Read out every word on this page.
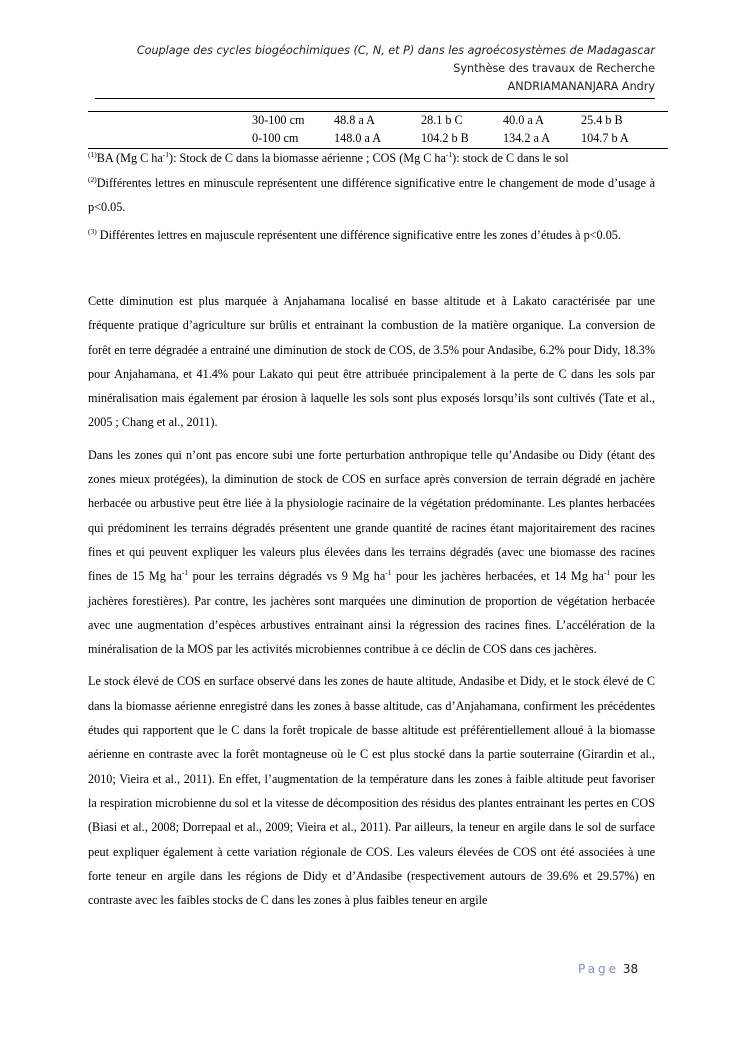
Couplage des cycles biogéochimiques (C, N, et P) dans les agroécosystèmes de Madagascar
Synthèse des travaux de Recherche
ANDRIAMANANJARA Andry
30-100 cm 48.8 a A	28.1 b C	40.0 a A	25.4 b B
0-100 cm	148.0 a A	104.2 b B	134.2 a A	104.7 b A

$^{(1)}$BA (Mg C $ha^{-1}$): Stock de C dans la biomasse aérienne ; COS (Mg C $ha^{-1}$): stock de C dans le sol

$^{(2)}$Différentes lettres en minuscule représentent une différence significative entre le changement de mode d’usage à p<0.05.

$^{(3)}$ Différentes lettres en majuscule représentent une différence significative entre les zones d’études à p<0.05.

Cette diminution est plus marquée à Anjahamana localisé en basse altitude et à Lakato caractérisée par une fréquente pratique d’agriculture sur brûlis et entrainant la combustion de la matière organique. La conversion de forêt en terre dégradée a entrainé une diminution de stock de COS, de 3.5% pour Andasibe, 6.2% pour Didy, 18.3% pour Anjahamana, et 41.4% pour Lakato qui peut être attribuée principalement à la perte de C dans les sols par minéralisation mais également par érosion à laquelle les sols sont plus exposés lorsqu’ils sont cultivés (Tate et al., 2005 ; Chang et al., 2011).

Dans les zones qui n’ont pas encore subi une forte perturbation anthropique telle qu’Andasibe ou Didy (étant des zones mieux protégées), la diminution de stock de COS en surface après conversion de terrain dégradé en jachère herbacée ou arbustive peut être liée à la physiologie racinaire de la végétation prédominante. Les plantes herbacées qui prédominent les terrains dégradés présentent une grande quantité de racines étant majoritairement des racines fines et qui peuvent expliquer les valeurs plus élevées dans les terrains dégradés (avec une biomasse des racines fines de 15 Mg $ha^{-1}$ pour les terrains dégradés vs 9 Mg $ha^{-1}$ pour les jachères herbacées, et 14 Mg $ha^{-1}$ pour les jachères forestières). Par contre, les jachères sont marquées une diminution de proportion de végétation herbacée avec une augmentation d’espèces arbustives entrainant ainsi la régression des racines fines. L’accélération de la minéralisation de la MOS par les activités microbiennes contribue à ce déclin de COS dans ces jachères.

Le stock élevé de COS en surface observé dans les zones de haute altitude, Andasibe et Didy, et le stock élevé de C dans la biomasse aérienne enregistré dans les zones à basse altitude, cas d’Anjahamana, confirment les précédentes études qui rapportent que le C dans la forêt tropicale de basse altitude est préférentiellement alloué à la biomasse aérienne en contraste avec la forêt montagneuse où le C est plus stocké dans la partie souterraine (Girardin et al., 2010; Vieira et al., 2011). En effet, l’augmentation de la température dans les zones à faible altitude peut favoriser la respiration microbienne du sol et la vitesse de décomposition des résidus des plantes entrainant les pertes en COS (Biasi et al., 2008; Dorrepaal et al., 2009; Vieira et al., 2011). Par ailleurs, la teneur en argile dans le sol de surface peut expliquer également à cette variation régionale de COS. Les valeurs élevées de COS ont été associées à une forte teneur en argile dans les régions de Didy et d’Andasibe (respectivement autours de 39.6% et 29.57%) en contraste avec les faibles stocks de C dans les zones à plus faibles teneur en argile

Page 38
